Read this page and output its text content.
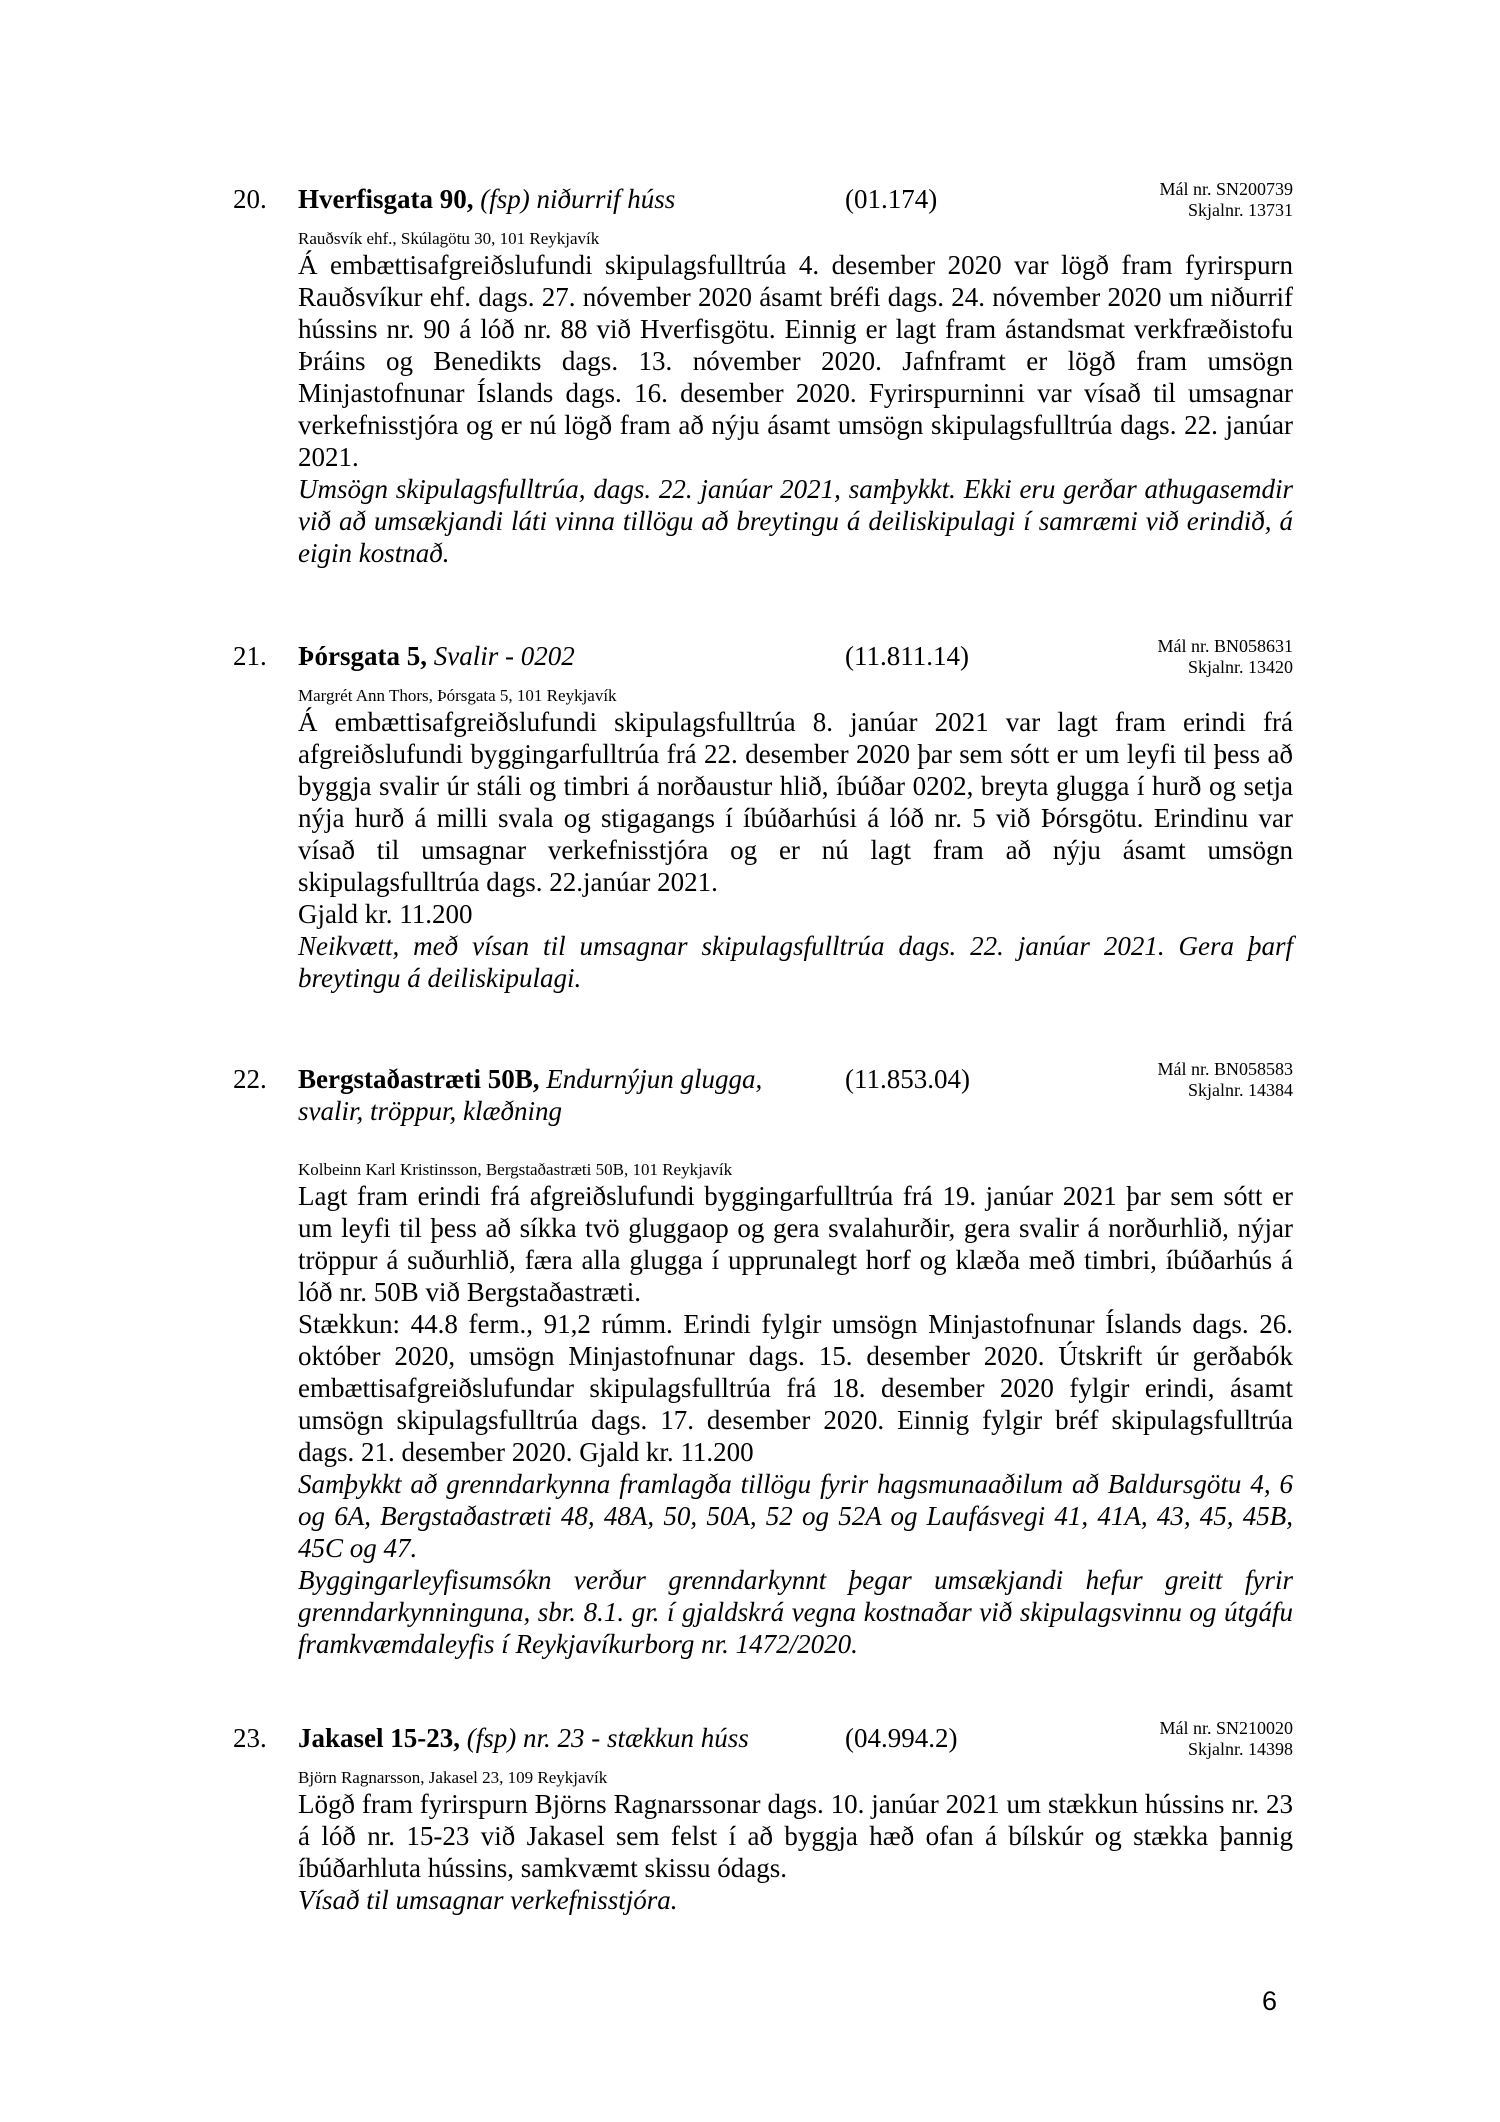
20. Hverfisgata 90, (fsp) niðurrif húss	(01.174)	Mál nr. SN200739
Skjalnr. 13731
Rauðsvík ehf., Skúlagötu 30, 101 Reykjavík

Á embættisafgreiðslufundi skipulagsfulltrúa 4. desember 2020 var lögð fram fyrirspurn Rauðsvíkur ehf. dags. 27. nóvember 2020 ásamt bréfi dags. 24. nóvember 2020 um niðurrif hússins nr. 90 á lóð nr. 88 við Hverfisgötu. Einnig er lagt fram ástandsmat verkfræðistofu Þráins og Benedikts dags. 13. nóvember 2020. Jafnframt er lögð fram umsögn Minjastofnunar Íslands dags. 16. desember 2020. Fyrirspurninni var vísað til umsagnar verkefnisstjóra og er nú lögð fram að nýju ásamt umsögn skipulagsfulltrúa dags. 22. janúar 2021.

Umsögn skipulagsfulltrúa, dags. 22. janúar 2021, samþykkt. Ekki eru gerðar athugasemdir við að umsækjandi láti vinna tillögu að breytingu á deiliskipulagi í samræmi við erindið, á eigin kostnað.

21. Þórsgata 5, Svalir - 0202	(11.811.14)	Mál nr. BN058631
Skjalnr. 13420
Margrét Ann Thors, Þórsgata 5, 101 Reykjavík

Á embættisafgreiðslufundi skipulagsfulltrúa 8. janúar 2021 var lagt fram erindi frá afgreiðslufundi byggingarfulltrúa frá 22. desember 2020 þar sem sótt er um leyfi til þess að byggja svalir úr stáli og timbri á norðaustur hlið, íbúðar 0202, breyta glugga í hurð og setja nýja hurð á milli svala og stigagangs í íbúðarhúsi á lóð nr. 5 við Þórsgötu. Erindinu var vísað til umsagnar verkefnisstjóra og er nú lagt fram að nýju ásamt umsögn skipulagsfulltrúa dags. 22.janúar 2021.

Gjald kr. 11.200

Neikvætt, með vísan til umsagnar skipulagsfulltrúa dags. 22. janúar 2021. Gera þarf breytingu á deiliskipulagi.

22. Bergstaðastræti 50B, Endurnýjun glugga, svalir, tröppur, klæðning
(11.853.04)	Mál nr. BN058583
Skjalnr. 14384
Kolbeinn Karl Kristinsson, Bergstaðastræti 50B, 101 Reykjavík

Lagt fram erindi frá afgreiðslufundi byggingarfulltrúa frá 19. janúar 2021 þar sem sótt er um leyfi til þess að síkka tvö gluggaop og gera svalahurðir, gera svalir á norðurhlið, nýjar tröppur á suðurhlið, færa alla glugga í upprunalegt horf og klæða með timbri, íbúðarhús á lóð nr. 50B við Bergstaðastræti.

Stækkun: 44.8 ferm., 91,2 rúmm. Erindi fylgir umsögn Minjastofnunar Íslands dags. 26. október 2020, umsögn Minjastofnunar dags. 15. desember 2020. Útskrift úr gerðabók embættisafgreiðslufundar skipulagsfulltrúa frá 18. desember 2020 fylgir erindi, ásamt umsögn skipulagsfulltrúa dags. 17. desember 2020. Einnig fylgir bréf skipulagsfulltrúa dags. 21. desember 2020. Gjald kr. 11.200

Samþykkt að grenndarkynna framlagða tillögu fyrir hagsmunaaðilum að Baldursgötu 4, 6 og 6A, Bergstaðastræti 48, 48A, 50, 50A, 52 og 52A og Laufásvegi 41, 41A, 43, 45, 45B, 45C og 47.

Byggingarleyfisumsókn verður grenndarkynnt þegar umsækjandi hefur greitt fyrir grenndarkynninguna, sbr. 8.1. gr. í gjaldskrá vegna kostnaðar við skipulagsvinnu og útgáfu framkvæmdaleyfis í Reykjavíkurborg nr. 1472/2020.

23. Jakasel 15-23, (fsp) nr. 23 - stækkun húss	(04.994.2)	Mál nr. SN210020
Skjalnr. 14398
Björn Ragnarsson, Jakasel 23, 109 Reykjavík

Lögð fram fyrirspurn Björns Ragnarssonar dags. 10. janúar 2021 um stækkun hússins nr. 23 á lóð nr. 15-23 við Jakasel sem felst í að byggja hæð ofan á bílskúr og stækka þannig íbúðarhluta hússins, samkvæmt skissu ódags.

Vísað til umsagnar verkefnisstjóra.

6
